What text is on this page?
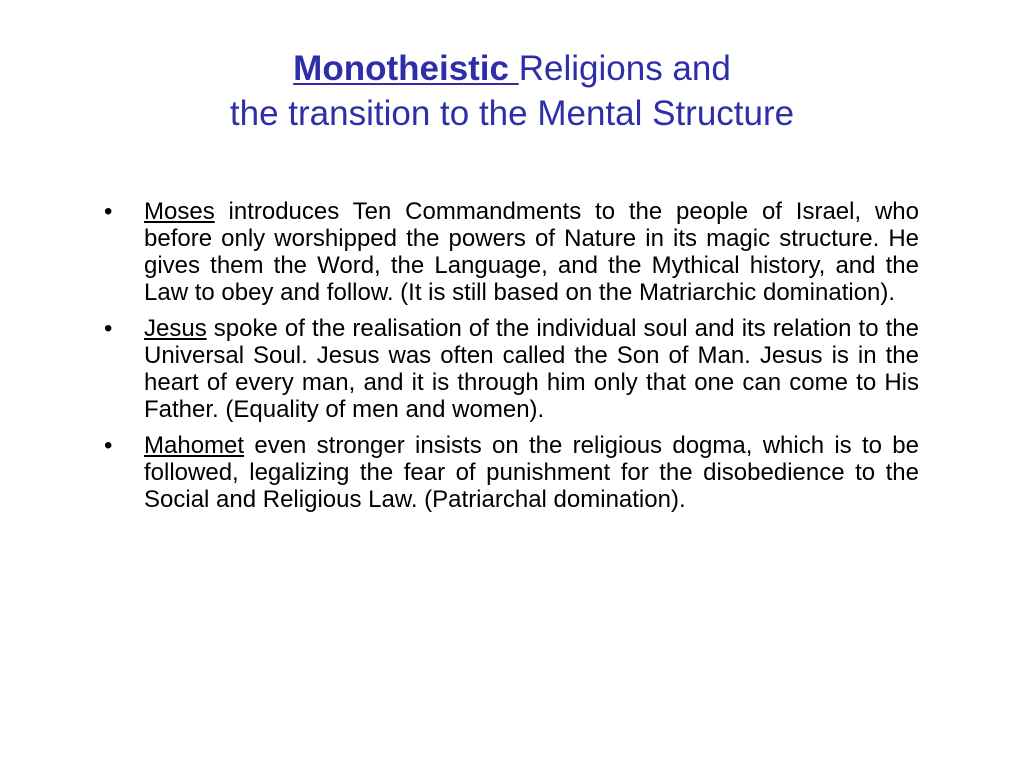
Monotheistic Religions and
the transition to the Mental Structure
•	Moses introduces Ten Commandments to the people of Israel, who before only worshipped the powers of Nature in its magic structure. He gives them the Word, the Language, and the Mythical history, and the Law to obey and follow. (It is still based on the Matriarchic domination).
•	Jesus spoke of the realisation of the individual soul and its relation to the Universal Soul. Jesus was often called the Son of Man. Jesus is in the heart of every man, and it is through him only that one can come to His Father. (Equality of men and women).
•	Mahomet even stronger insists on the religious dogma, which is to be followed, legalizing the fear of punishment for the disobedience to the Social and Religious Law. (Patriarchal domination).
